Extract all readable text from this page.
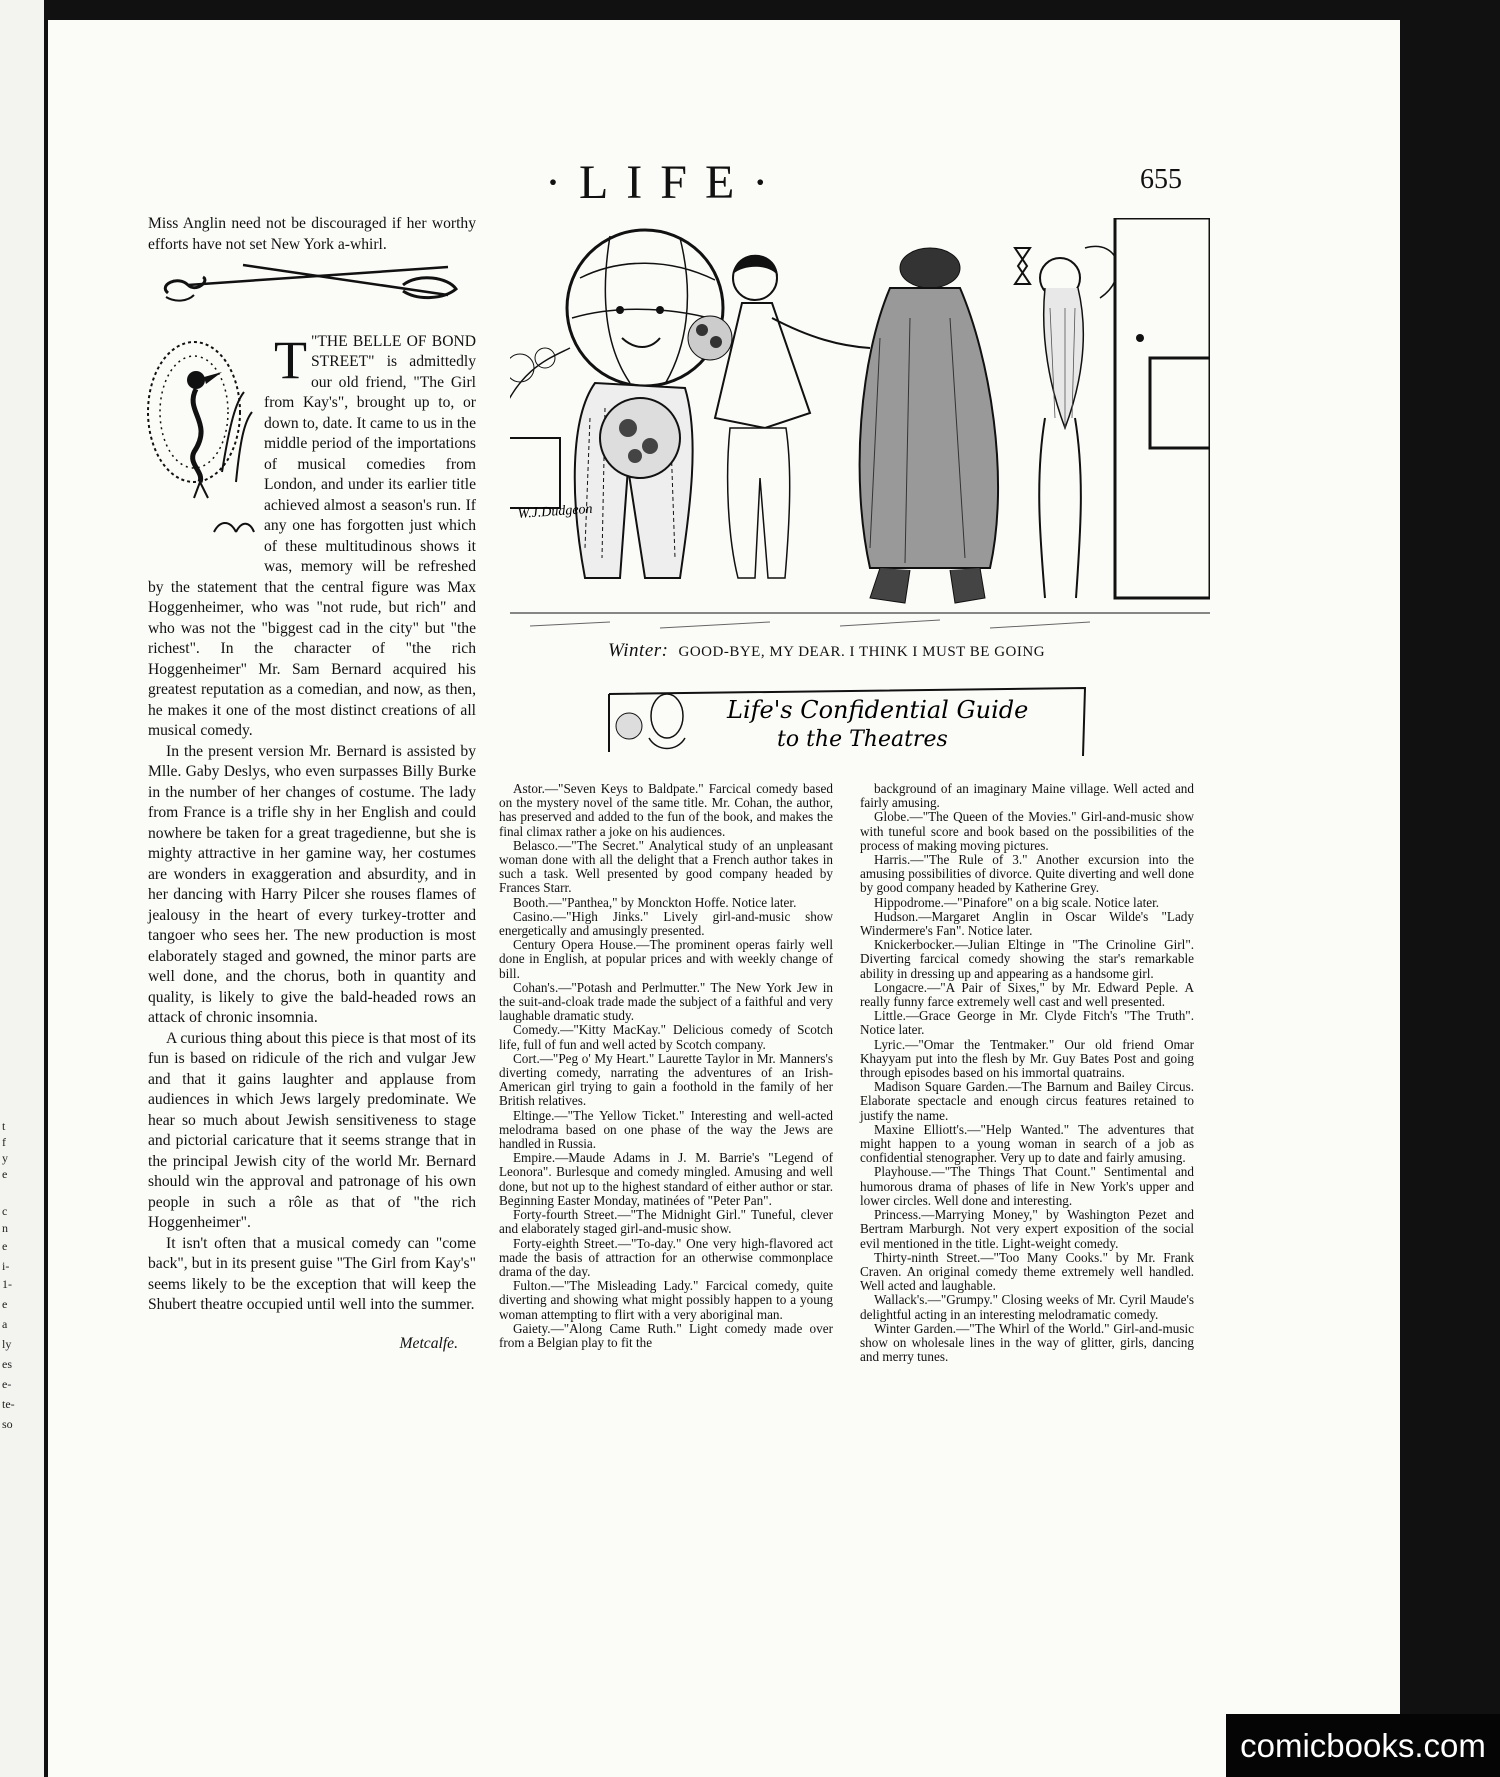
t
f
y
e
c
n
e
i-
1-
e
a
ly
es
e-
te-
so
·LIFE·	655

Miss Anglin need not be discouraged if her worthy efforts have not set New York a-whirl.

T "THE BELLE OF BOND STREET" is admittedly our old friend, "The Girl from Kay's", brought up to, or down to, date. It came to us in the middle period of the importations of musical comedies from London, and under its earlier title achieved almost a season's run. If any one has forgotten just which of these multitudinous shows it was, memory will be refreshed by the statement that the central figure was Max Hoggenheimer, who was "not rude, but rich" and who was not the "biggest cad in the city" but "the richest". In the character of "the rich Hoggenheimer" Mr. Sam Bernard acquired his greatest reputation as a comedian, and now, as then, he makes it one of the most distinct creations of all musical comedy.

In the present version Mr. Bernard is assisted by Mlle. Gaby Deslys, who even surpasses Billy Burke in the number of her changes of costume. The lady from France is a trifle shy in her English and could nowhere be taken for a great tragedienne, but she is mighty attractive in her gamine way, her costumes are wonders in exaggeration and absurdity, and in her dancing with Harry Pilcer she rouses flames of jealousy in the heart of every turkey-trotter and tangoer who sees her. The new production is most elaborately staged and gowned, the minor parts are well done, and the chorus, both in quantity and quality, is likely to give the bald-headed rows an attack of chronic insomnia.

A curious thing about this piece is that most of its fun is based on ridicule of the rich and vulgar Jew and that it gains laughter and applause from audiences in which Jews largely predominate. We hear so much about Jewish sensitiveness to stage and pictorial caricature that it seems strange that in the principal Jewish city of the world Mr. Bernard should win the approval and patronage of his own people in such a rôle as that of "the rich Hoggenheimer".

It isn't often that a musical comedy can "come back", but in its present guise "The Girl from Kay's" seems likely to be the exception that will keep the Shubert theatre occupied until well into the summer.

Metcalfe.
W.J.Dudgeon
Winter: GOOD-BYE, MY DEAR. I THINK I MUST BE GOING
Life's Confidential Guide
to the Theatres

Astor.—"Seven Keys to Baldpate." Farcical comedy based on the mystery novel of the same title. Mr. Cohan, the author, has preserved and added to the fun of the book, and makes the final climax rather a joke on his audiences.

Belasco.—"The Secret." Analytical study of an unpleasant woman done with all the delight that a French author takes in such a task. Well presented by good company headed by Frances Starr.

Booth.—"Panthea," by Monckton Hoffe. Notice later.

Casino.—"High Jinks." Lively girl-and-music show energetically and amusingly presented.

Century Opera House.—The prominent operas fairly well done in English, at popular prices and with weekly change of bill.

Cohan's.—"Potash and Perlmutter." The New York Jew in the suit-and-cloak trade made the subject of a faithful and very laughable dramatic study.

Comedy.—"Kitty MacKay." Delicious comedy of Scotch life, full of fun and well acted by Scotch company.

Cort.—"Peg o' My Heart." Laurette Taylor in Mr. Manners's diverting comedy, narrating the adventures of an Irish-American girl trying to gain a foothold in the family of her British relatives.

Eltinge.—"The Yellow Ticket." Interesting and well-acted melodrama based on one phase of the way the Jews are handled in Russia.

Empire.—Maude Adams in J. M. Barrie's "Legend of Leonora". Burlesque and comedy mingled. Amusing and well done, but not up to the highest standard of either author or star. Beginning Easter Monday, matinées of "Peter Pan".

Forty-fourth Street.—"The Midnight Girl." Tuneful, clever and elaborately staged girl-and-music show.

Forty-eighth Street.—"To-day." One very high-flavored act made the basis of attraction for an otherwise commonplace drama of the day.

Fulton.—"The Misleading Lady." Farcical comedy, quite diverting and showing what might possibly happen to a young woman attempting to flirt with a very aboriginal man.

Gaiety.—"Along Came Ruth." Light comedy made over from a Belgian play to fit the

background of an imaginary Maine village. Well acted and fairly amusing.

Globe.—"The Queen of the Movies." Girl-and-music show with tuneful score and book based on the possibilities of the process of making moving pictures.

Harris.—"The Rule of 3." Another excursion into the amusing possibilities of divorce. Quite diverting and well done by good company headed by Katherine Grey.

Hippodrome.—"Pinafore" on a big scale. Notice later.

Hudson.—Margaret Anglin in Oscar Wilde's "Lady Windermere's Fan". Notice later.

Knickerbocker.—Julian Eltinge in "The Crinoline Girl". Diverting farcical comedy showing the star's remarkable ability in dressing up and appearing as a handsome girl.

Longacre.—"A Pair of Sixes," by Mr. Edward Peple. A really funny farce extremely well cast and well presented.

Little.—Grace George in Mr. Clyde Fitch's "The Truth". Notice later.

Lyric.—"Omar the Tentmaker." Our old friend Omar Khayyam put into the flesh by Mr. Guy Bates Post and going through episodes based on his immortal quatrains.

Madison Square Garden.—The Barnum and Bailey Circus. Elaborate spectacle and enough circus features retained to justify the name.

Maxine Elliott's.—"Help Wanted." The adventures that might happen to a young woman in search of a job as confidential stenographer. Very up to date and fairly amusing.

Playhouse.—"The Things That Count." Sentimental and humorous drama of phases of life in New York's upper and lower circles. Well done and interesting.

Princess.—Marrying Money," by Washington Pezet and Bertram Marburgh. Not very expert exposition of the social evil mentioned in the title. Light-weight comedy.

Thirty-ninth Street.—"Too Many Cooks." by Mr. Frank Craven. An original comedy theme extremely well handled. Well acted and laughable.

Wallack's.—"Grumpy." Closing weeks of Mr. Cyril Maude's delightful acting in an interesting melodramatic comedy.

Winter Garden.—"The Whirl of the World." Girl-and-music show on wholesale lines in the way of glitter, girls, dancing and merry tunes.

comicbooks.com
